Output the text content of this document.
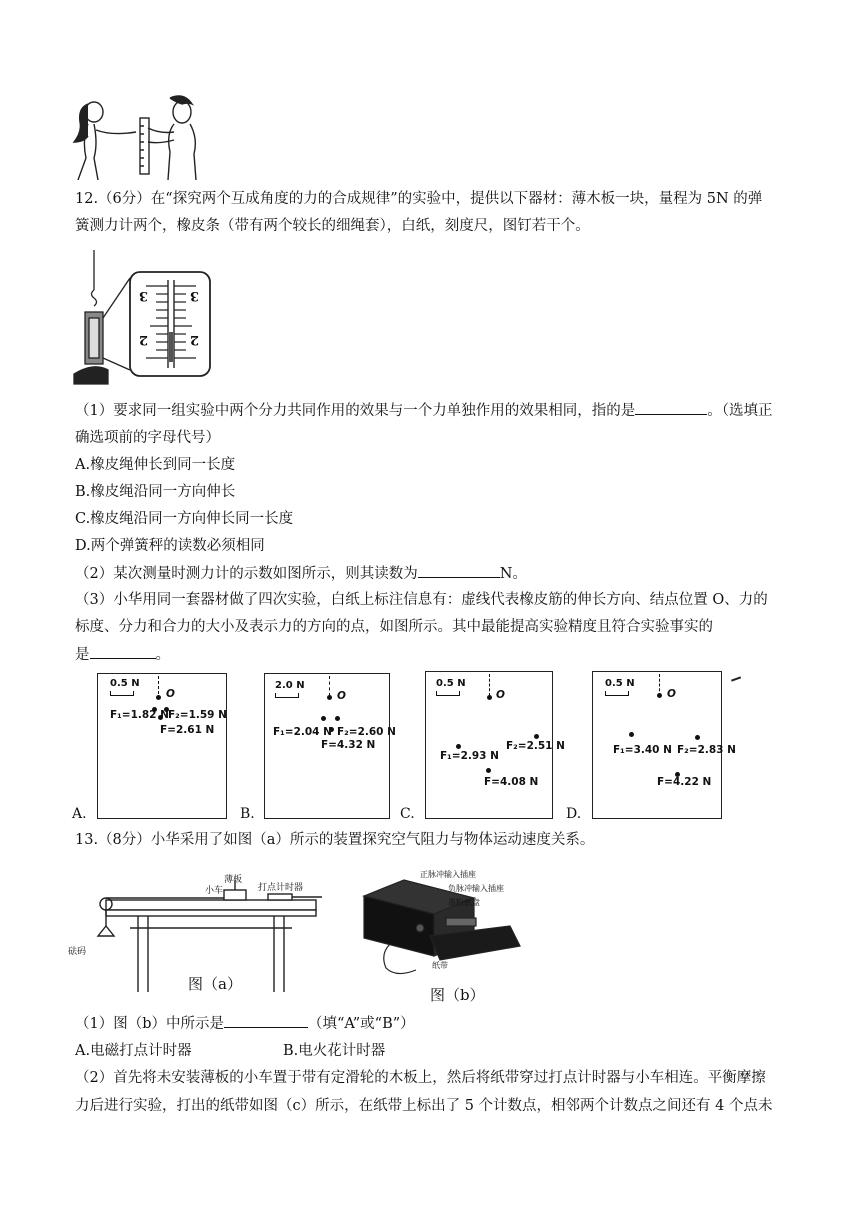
12.（6分）在“探究两个互成角度的力的合成规律”的实验中，提供以下器材：薄木板一块，量程为 5N 的弹
簧测力计两个，橡皮条（带有两个较长的细绳套），白纸，刻度尺，图钉若干个。
3	3
2	2
（1）要求同一组实验中两个分力共同作用的效果与一个力单独作用的效果相同，指的是	。（选填正
确选项前的字母代号）
A.橡皮绳伸长到同一长度
B.橡皮绳沿同一方向伸长
C.橡皮绳沿同一方向伸长同一长度
D.两个弹簧秤的读数必须相同
（2）某次测量时测力计的示数如图所示，则其读数为	N。
（3）小华用同一套器材做了四次实验，白纸上标注信息有：虚线代表橡皮筋的伸长方向、结点位置 O、力的
标度、分力和合力的大小及表示力的方向的点，如图所示。其中最能提高实验精度且符合实验事实的
是	。
0.5 N
O
F₁=1.82 N F₂=1.59 N
F=2.61 N
A.
2.0 N
O
F₁=2.04 N F₂=2.60 N
F=4.32 N
B.
0.5 N
O
F₁=2.93 N
F₂=2.51 N
F=4.08 N
C.
0.5 N
O
F₁=3.40 N F₂=2.83 N
F=4.22 N
D.
13.（8分）小华采用了如图（a）所示的装置探究空气阻力与物体运动速度关系。
薄板
小车	打点计时器
砝码
图（a）
正脉冲输入插座
负脉冲输入插座
墨粉纸盘
纸带
图（b）
（1）图（b）中所示是	（填“A”或“B”）
A.电磁打点计时器	B.电火花计时器
（2）首先将未安装薄板的小车置于带有定滑轮的木板上，然后将纸带穿过打点计时器与小车相连。平衡摩擦
力后进行实验，打出的纸带如图（c）所示，在纸带上标出了 5 个计数点，相邻两个计数点之间还有 4 个点未
